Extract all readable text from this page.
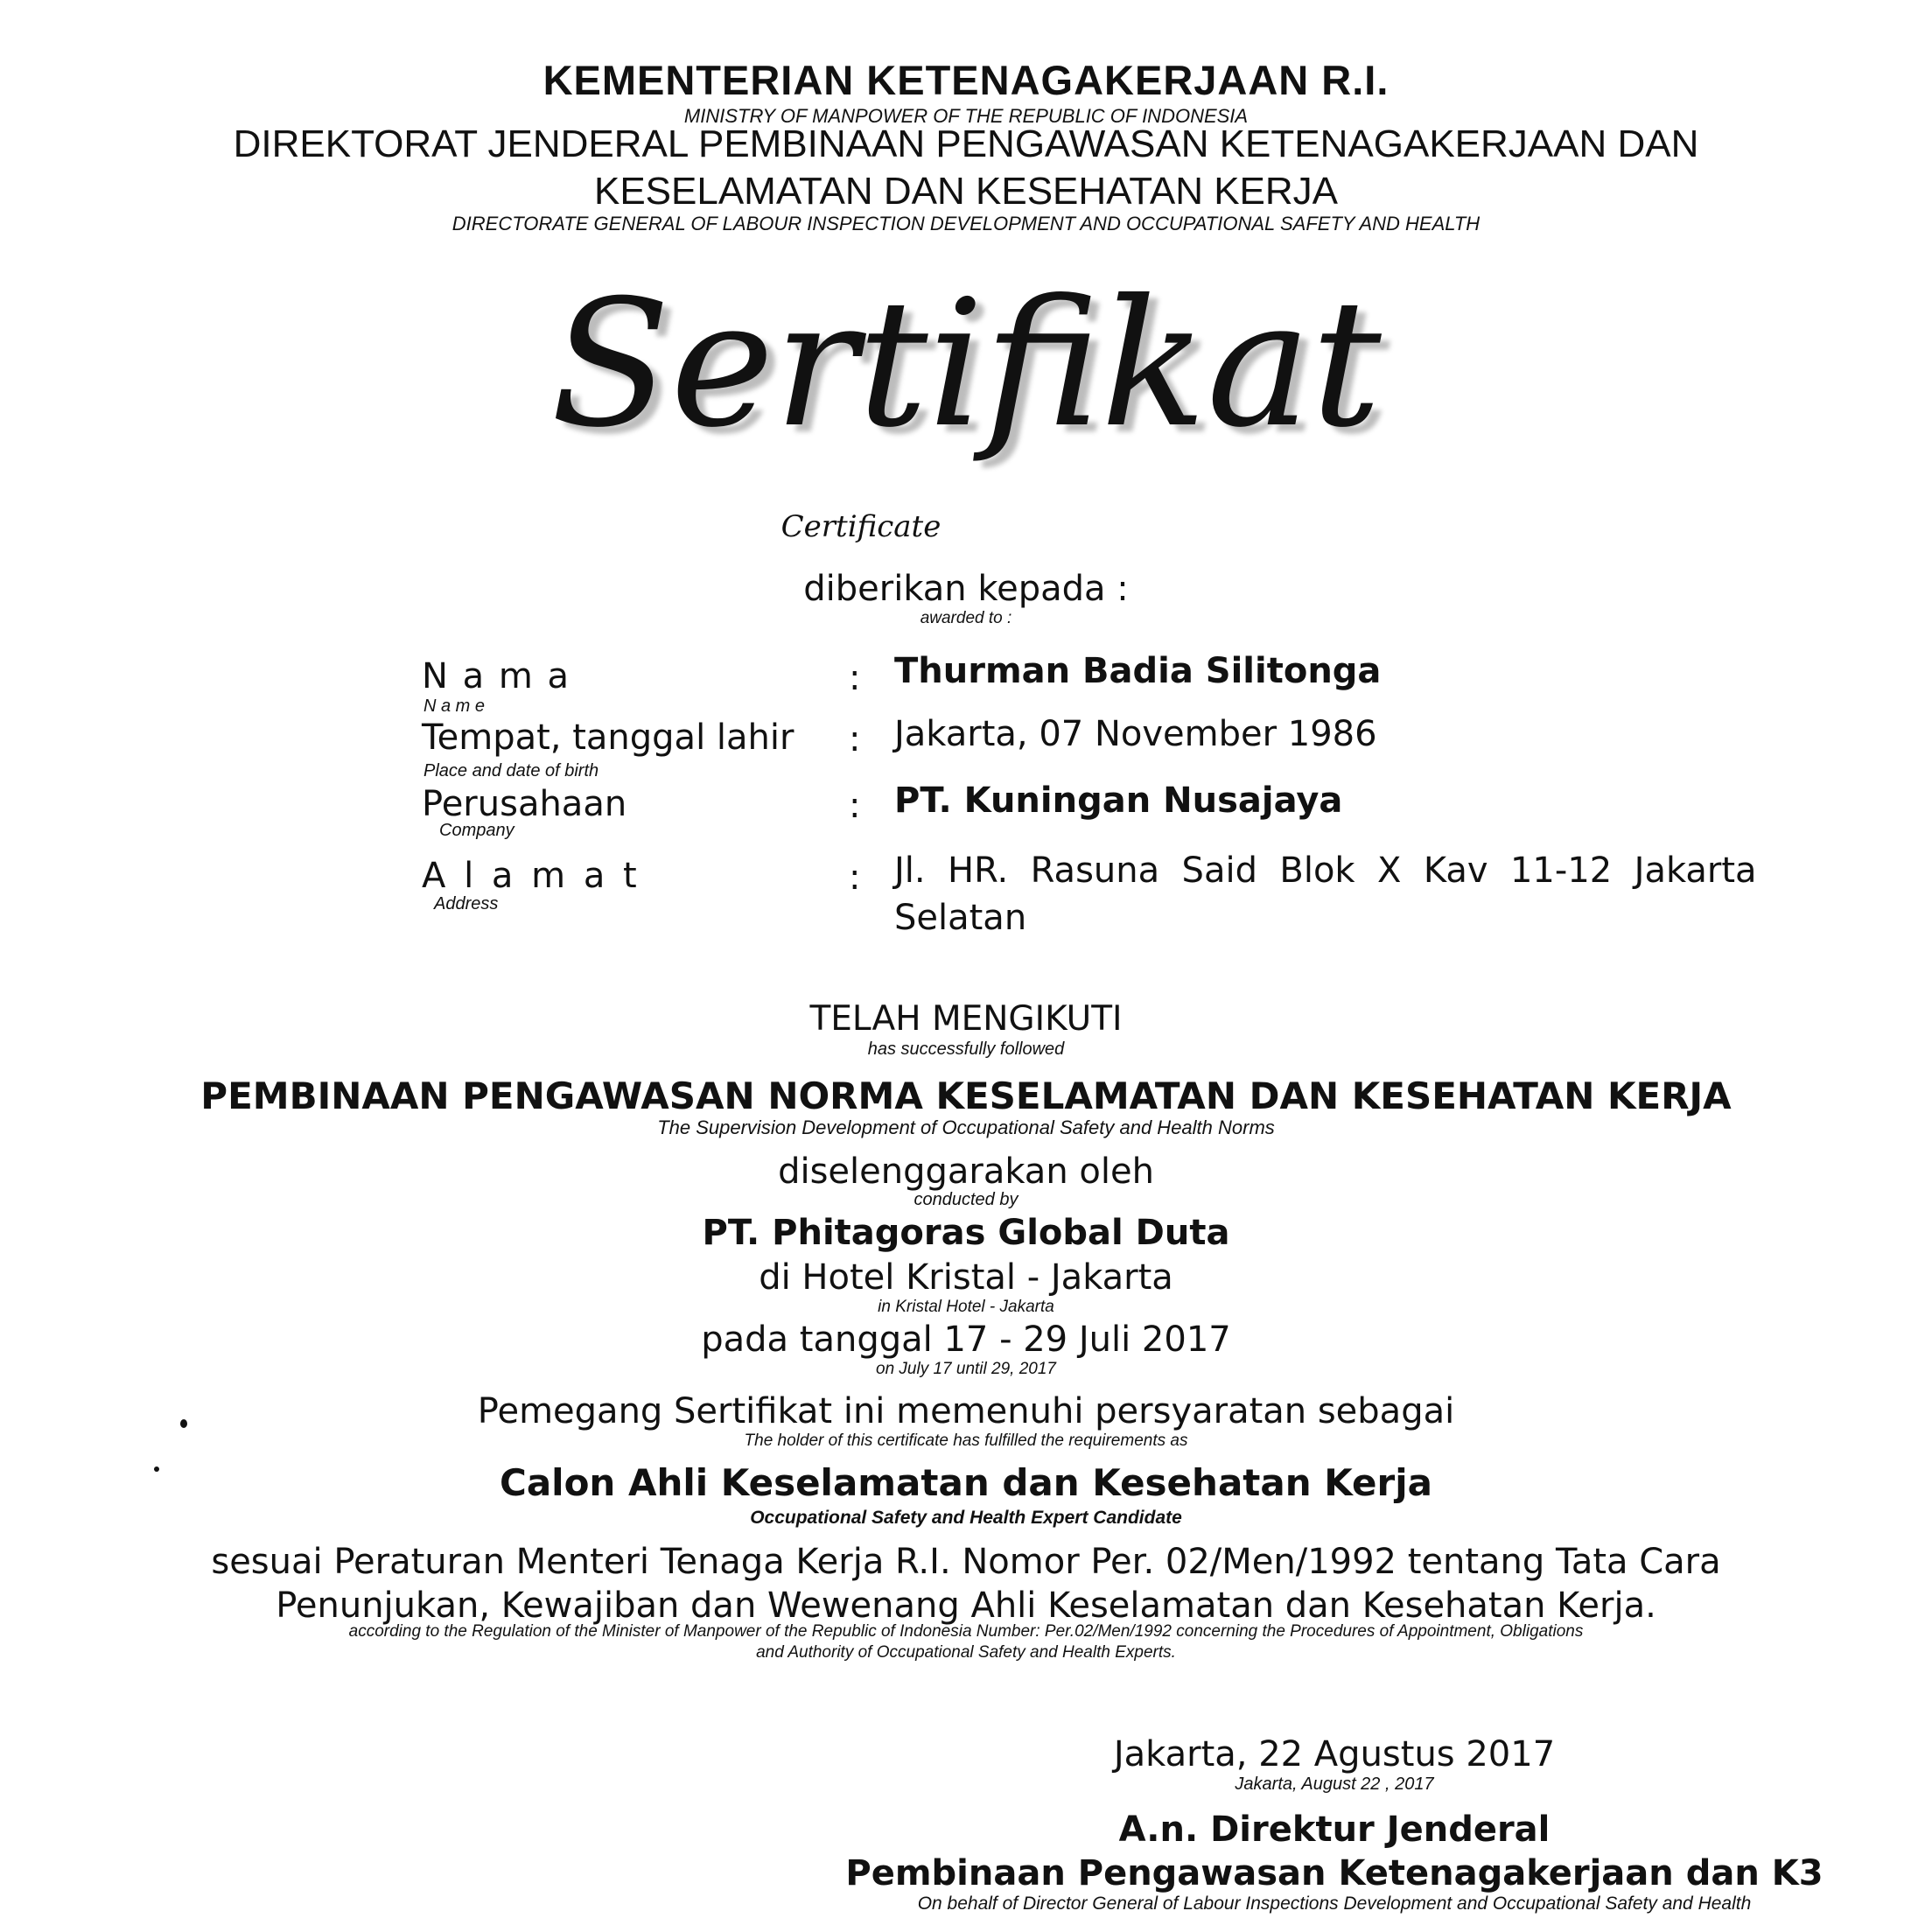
KEMENTERIAN KETENAGAKERJAAN R.I.
MINISTRY OF MANPOWER OF THE REPUBLIC OF INDONESIA
DIREKTORAT JENDERAL PEMBINAAN PENGAWASAN KETENAGAKERJAAN DAN
KESELAMATAN DAN KESEHATAN KERJA
DIRECTORATE GENERAL OF LABOUR INSPECTION DEVELOPMENT AND OCCUPATIONAL SAFETY AND HEALTH
Sertifikat
Certificate
diberikan kepada :
awarded to :
N a m a
N a m e
: Thurman Badia Silitonga
Tempat, tanggal lahir
Place and date of birth
: Jakarta, 07 November 1986
Perusahaan
Company
: PT. Kuningan Nusajaya
A l a m a t
Address
: Jl.  HR.  Rasuna  Said  Blok  X  Kav  11-12  Jakarta
Selatan
TELAH MENGIKUTI
has successfully followed
PEMBINAAN PENGAWASAN NORMA KESELAMATAN DAN KESEHATAN KERJA
The Supervision Development of Occupational Safety and Health Norms
diselenggarakan oleh
conducted by
PT. Phitagoras Global Duta
di Hotel Kristal - Jakarta
in Kristal Hotel - Jakarta
pada tanggal 17 - 29 Juli 2017
on July 17 until 29, 2017
Pemegang Sertifikat ini memenuhi persyaratan sebagai
The holder of this certificate has fulfilled the requirements as
Calon Ahli Keselamatan dan Kesehatan Kerja
Occupational Safety and Health Expert Candidate
sesuai Peraturan Menteri Tenaga Kerja R.I. Nomor Per. 02/Men/1992 tentang Tata Cara
Penunjukan, Kewajiban dan Wewenang Ahli Keselamatan dan Kesehatan Kerja.
according to the Regulation of the Minister of Manpower of the Republic of Indonesia Number: Per.02/Men/1992 concerning the Procedures of Appointment, Obligations
and Authority of Occupational Safety and Health Experts.
Jakarta, 22 Agustus 2017
Jakarta, August 22 , 2017
A.n. Direktur Jenderal
Pembinaan Pengawasan Ketenagakerjaan dan K3
On behalf of Director General of Labour Inspections Development and Occupational Safety and Health
